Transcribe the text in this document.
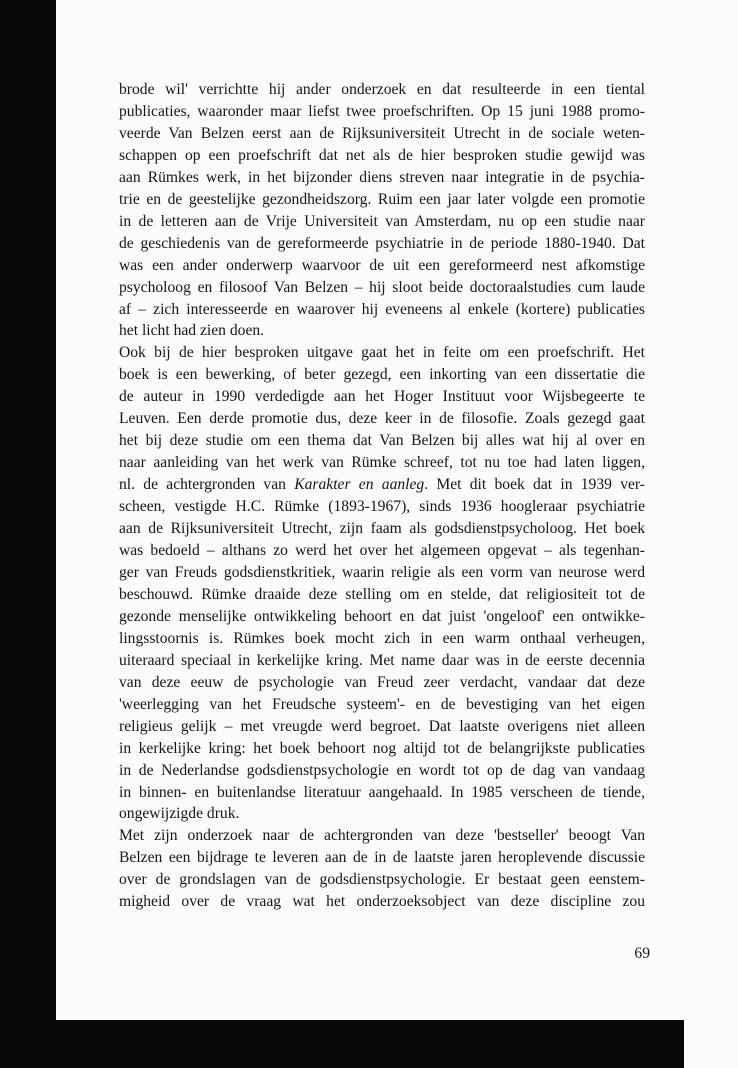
brode wil' verrichtte hij ander onderzoek en dat resulteerde in een tiental
publicaties, waaronder maar liefst twee proefschriften. Op 15 juni 1988 promo-
veerde Van Belzen eerst aan de Rijksuniversiteit Utrecht in de sociale weten-
schappen op een proefschrift dat net als de hier besproken studie gewijd was
aan Rümkes werk, in het bijzonder diens streven naar integratie in de psychia-
trie en de geestelijke gezondheidszorg. Ruim een jaar later volgde een promotie
in de letteren aan de Vrije Universiteit van Amsterdam, nu op een studie naar
de geschiedenis van de gereformeerde psychiatrie in de periode 1880-1940. Dat
was een ander onderwerp waarvoor de uit een gereformeerd nest afkomstige
psycholoog en filosoof Van Belzen – hij sloot beide doctoraalstudies cum laude
af – zich interesseerde en waarover hij eveneens al enkele (kortere) publicaties
het licht had zien doen.
Ook bij de hier besproken uitgave gaat het in feite om een proefschrift. Het
boek is een bewerking, of beter gezegd, een inkorting van een dissertatie die
de auteur in 1990 verdedigde aan het Hoger Instituut voor Wijsbegeerte te
Leuven. Een derde promotie dus, deze keer in de filosofie. Zoals gezegd gaat
het bij deze studie om een thema dat Van Belzen bij alles wat hij al over en
naar aanleiding van het werk van Rümke schreef, tot nu toe had laten liggen,
nl. de achtergronden van Karakter en aanleg. Met dit boek dat in 1939 ver-
scheen, vestigde H.C. Rümke (1893-1967), sinds 1936 hoogleraar psychiatrie
aan de Rijksuniversiteit Utrecht, zijn faam als godsdienstpsycholoog. Het boek
was bedoeld – althans zo werd het over het algemeen opgevat – als tegenhan-
ger van Freuds godsdienstkritiek, waarin religie als een vorm van neurose werd
beschouwd. Rümke draaide deze stelling om en stelde, dat religiositeit tot de
gezonde menselijke ontwikkeling behoort en dat juist 'ongeloof' een ontwikke-
lingsstoornis is. Rümkes boek mocht zich in een warm onthaal verheugen,
uiteraard speciaal in kerkelijke kring. Met name daar was in de eerste decennia
van deze eeuw de psychologie van Freud zeer verdacht, vandaar dat deze
'weerlegging van het Freudsche systeem'- en de bevestiging van het eigen
religieus gelijk – met vreugde werd begroet. Dat laatste overigens niet alleen
in kerkelijke kring: het boek behoort nog altijd tot de belangrijkste publicaties
in de Nederlandse godsdienstpsychologie en wordt tot op de dag van vandaag
in binnen- en buitenlandse literatuur aangehaald. In 1985 verscheen de tiende,
ongewijzigde druk.
Met zijn onderzoek naar de achtergronden van deze 'bestseller' beoogt Van
Belzen een bijdrage te leveren aan de in de laatste jaren heroplevende discussie
over de grondslagen van de godsdienstpsychologie. Er bestaat geen eenstem-
migheid over de vraag wat het onderzoeksobject van deze discipline zou
69
